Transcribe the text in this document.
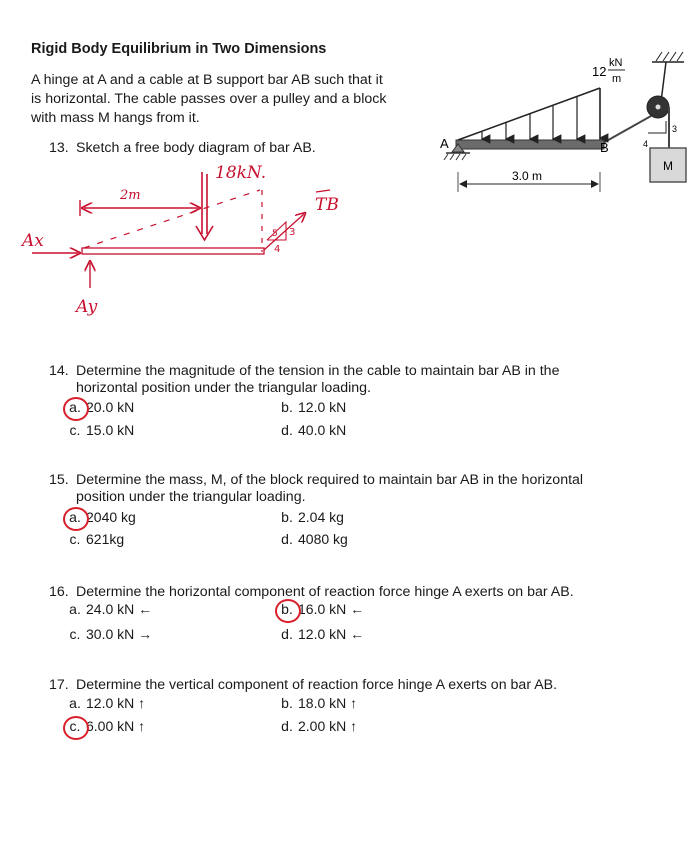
Rigid Body Equilibrium in Two Dimensions
A hinge at A and a cable at B support bar AB such that it is horizontal. The cable passes over a pulley and a block with mass M hangs from it.
13. Sketch a free body diagram of bar AB.	4
3
M
A	B
12
kN
m
3.0 m
18kN.
2m
5 3
4
TB
Ax
Ay
14. Determine the magnitude of the tension in the cable to maintain bar AB in the
horizontal position under the triangular loading.
a. 20.0 kN	b. 12.0 kN
c. 15.0 kN	d. 40.0 kN
15. Determine the mass, M, of the block required to maintain bar AB in the horizontal
position under the triangular loading.
a. 2040 kg	b. 2.04 kg
c. 621kg	d. 4080 kg
16. Determine the horizontal component of reaction force hinge A exerts on bar AB.
a. 24.0 kN ←	b. 16.0 kN ←
c. 30.0 kN →	d. 12.0 kN ←
17. Determine the vertical component of reaction force hinge A exerts on bar AB.
a. 12.0 kN ↑	b. 18.0 kN ↑
c. 6.00 kN ↑	d. 2.00 kN ↑
